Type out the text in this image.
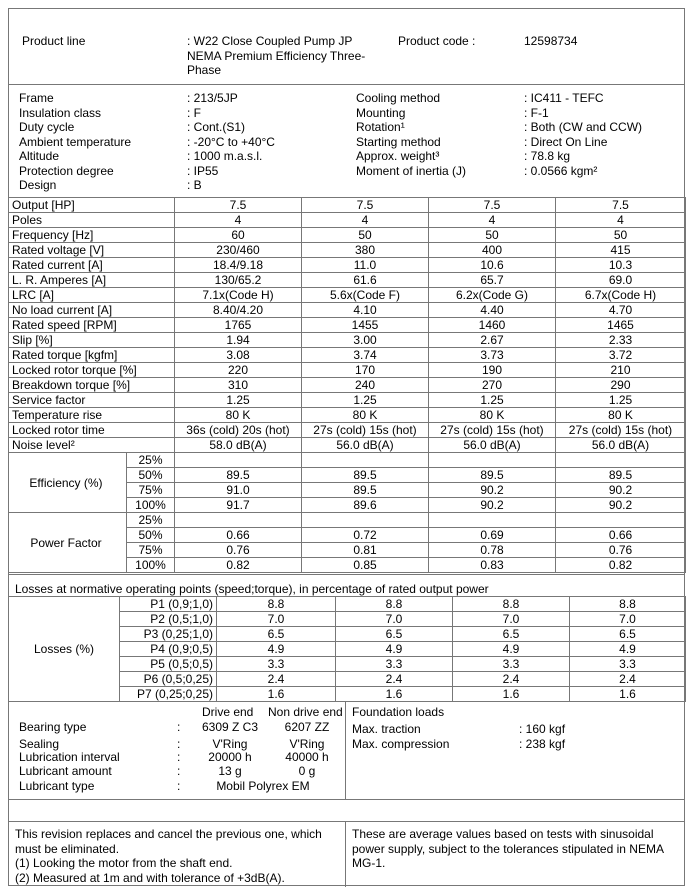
Product line	: W22 Close Coupled Pump JP NEMA Premium Efficiency Three-Phase
Product code :	12598734
Frame	: 213/5JP
Insulation class	: F
Duty cycle	: Cont.(S1)
Ambient temperature	: -20°C to +40°C
Altitude	: 1000 m.a.s.l.
Protection degree	: IP55
Design	: B
Cooling method	: IC411 - TEFC
Mounting	: F-1
Rotation¹	: Both (CW and CCW)
Starting method	: Direct On Line
Approx. weight³	: 78.8 kg
Moment of inertia (J)	: 0.0566 kgm²
Output [HP]	7.5	7.5	7.5	7.5
Poles	4	4	4	4
Frequency [Hz]	60	50	50	50
Rated voltage [V]	230/460	380	400	415
Rated current [A]	18.4/9.18	11.0	10.6	10.3
L. R. Amperes [A]	130/65.2	61.6	65.7	69.0
LRC [A]	7.1x(Code H)	5.6x(Code F)	6.2x(Code G)	6.7x(Code H)
No load current [A]	8.40/4.20	4.10	4.40	4.70
Rated speed [RPM]	1765	1455	1460	1465
Slip [%]	1.94	3.00	2.67	2.33
Rated torque [kgfm]	3.08	3.74	3.73	3.72
Locked rotor torque [%]	220	170	190	210
Breakdown torque [%]	310	240	270	290
Service factor	1.25	1.25	1.25	1.25
Temperature rise	80 K	80 K	80 K	80 K
Locked rotor time	36s (cold) 20s (hot)	27s (cold) 15s (hot)	27s (cold) 15s (hot)	27s (cold) 15s (hot)
Noise level²	58.0 dB(A)	56.0 dB(A)	56.0 dB(A)	56.0 dB(A)
Efficiency (%)	25%				
	50%	89.5	89.5	89.5	89.5
	75%	91.0	89.5	90.2	90.2
	100%	91.7	89.6	90.2	90.2
Power Factor	25%				
	50%	0.66	0.72	0.69	0.66
	75%	0.76	0.81	0.78	0.76
	100%	0.82	0.85	0.83	0.82
Losses at normative operating points (speed;torque), in percentage of rated output power
Losses (%)	P1 (0,9;1,0)	8.8	8.8	8.8	8.8
	P2 (0,5;1,0)	7.0	7.0	7.0	7.0
	P3 (0,25;1,0)	6.5	6.5	6.5	6.5
	P4 (0,9;0,5)	4.9	4.9	4.9	4.9
	P5 (0,5;0,5)	3.3	3.3	3.3	3.3
	P6 (0,5;0,25)	2.4	2.4	2.4	2.4
	P7 (0,25;0,25)	1.6	1.6	1.6	1.6
Drive end Non drive end
Bearing type	:	6309 Z C3	6207 ZZ
Sealing	:	V'Ring	V'Ring
Lubrication interval	:	20000 h	40000 h
Lubricant amount	:	13 g	0 g
Lubricant type	:	Mobil Polyrex EM
Foundation loads
Max. traction	: 160 kgf
Max. compression	: 238 kgf
This revision replaces and cancel the previous one, which
must be eliminated.
(1) Looking the motor from the shaft end.
(2) Measured at 1m and with tolerance of +3dB(A).
These are average values based on tests with sinusoidal
power supply, subject to the tolerances stipulated in NEMA
MG-1.
